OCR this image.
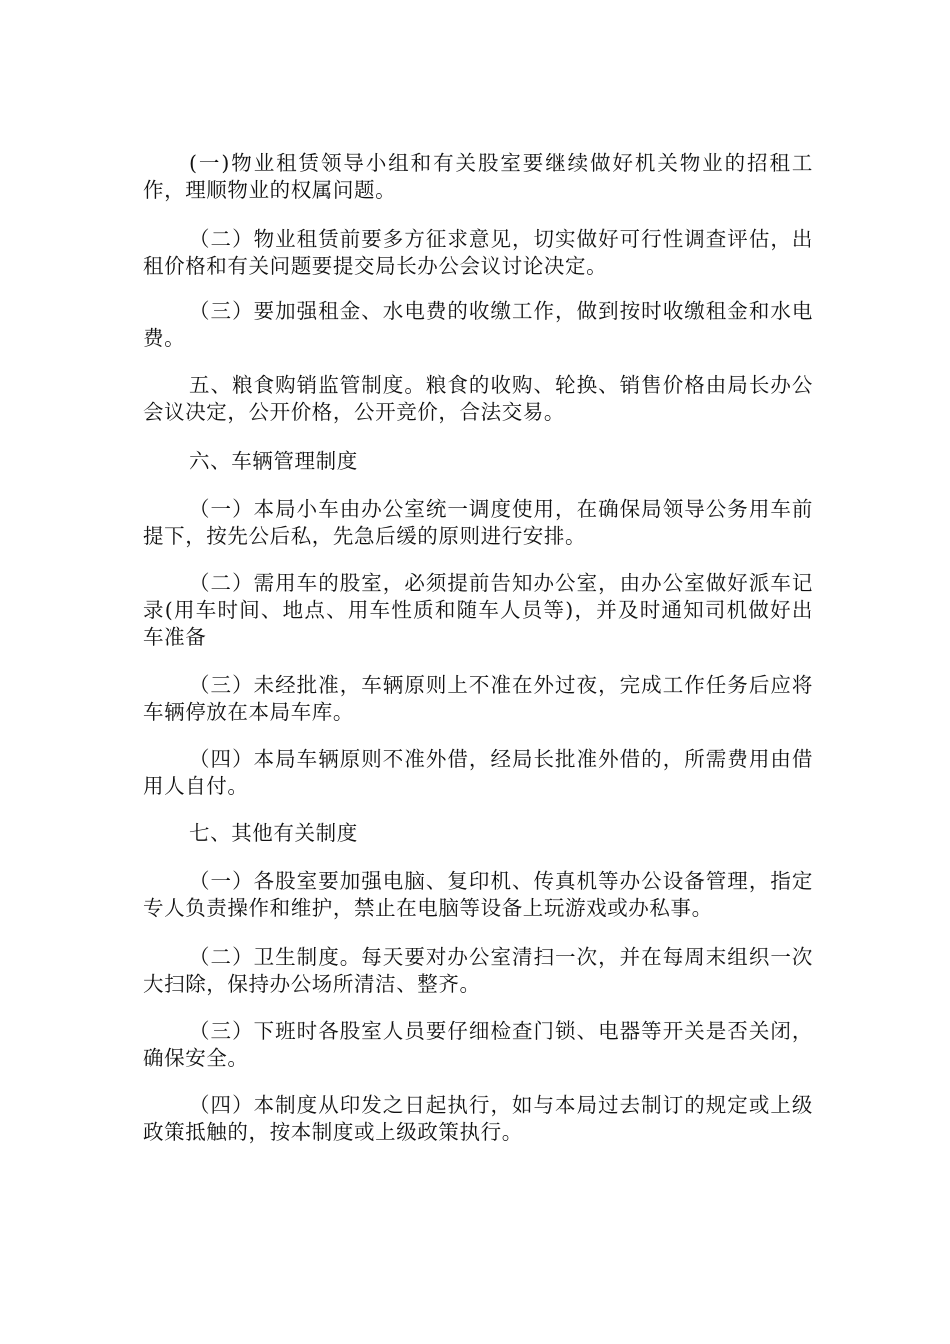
(一)物业租赁领导小组和有关股室要继续做好机关物业的招租工作，理顺物业的权属问题。

（二）物业租赁前要多方征求意见，切实做好可行性调查评估，出租价格和有关问题要提交局长办公会议讨论决定。

（三）要加强租金、水电费的收缴工作，做到按时收缴租金和水电费。

五、粮食购销监管制度。粮食的收购、轮换、销售价格由局长办公会议决定，公开价格，公开竞价，合法交易。

六、车辆管理制度

（一）本局小车由办公室统一调度使用，在确保局领导公务用车前提下，按先公后私，先急后缓的原则进行安排。

（二）需用车的股室，必须提前告知办公室，由办公室做好派车记录(用车时间、地点、用车性质和随车人员等)，并及时通知司机做好出车准备

（三）未经批准，车辆原则上不准在外过夜，完成工作任务后应将车辆停放在本局车库。

（四）本局车辆原则不准外借，经局长批准外借的，所需费用由借用人自付。

七、其他有关制度

（一）各股室要加强电脑、复印机、传真机等办公设备管理，指定专人负责操作和维护，禁止在电脑等设备上玩游戏或办私事。

（二）卫生制度。每天要对办公室清扫一次，并在每周末组织一次大扫除，保持办公场所清洁、整齐。

（三）下班时各股室人员要仔细检查门锁、电器等开关是否关闭，确保安全。

（四）本制度从印发之日起执行，如与本局过去制订的规定或上级政策抵触的，按本制度或上级政策执行。
